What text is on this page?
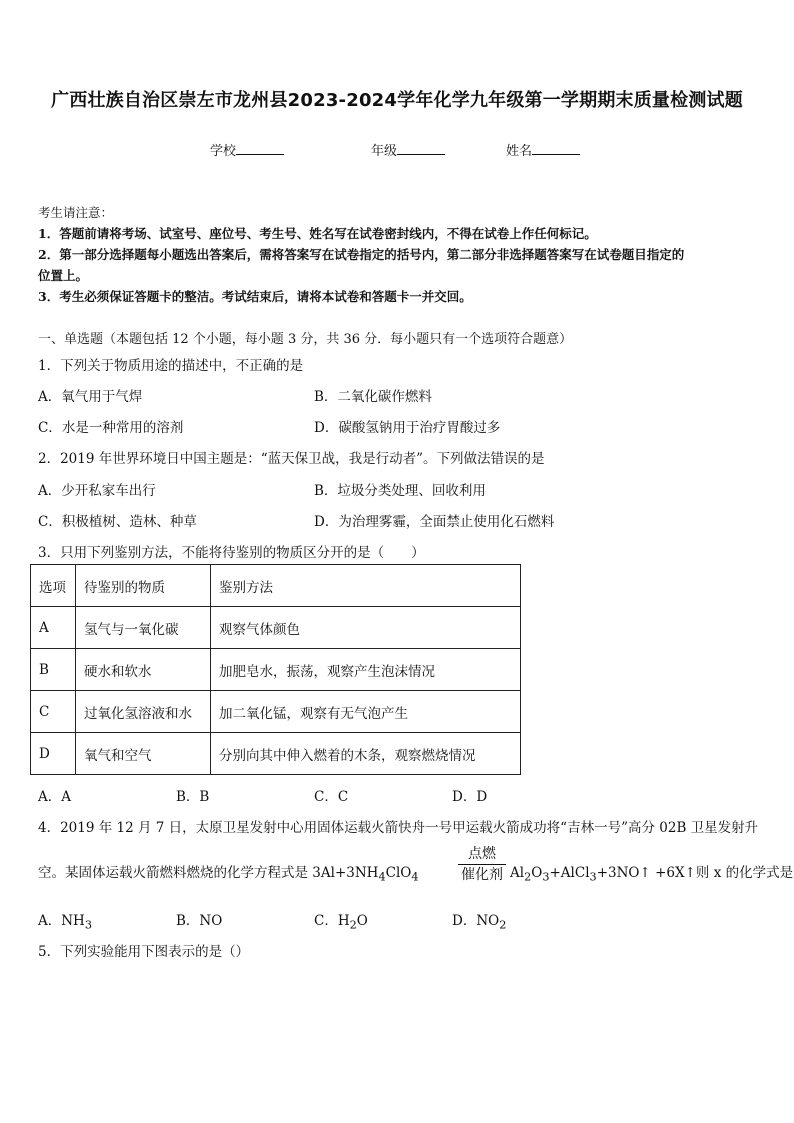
广西壮族自治区崇左市龙州县2023-2024学年化学九年级第一学期期末质量检测试题
学校	年级	姓名
考生请注意：
1．答题前请将考场、试室号、座位号、考生号、姓名写在试卷密封线内，不得在试卷上作任何标记。
2．第一部分选择题每小题选出答案后，需将答案写在试卷指定的括号内，第二部分非选择题答案写在试卷题目指定的
位置上。
3．考生必须保证答题卡的整洁。考试结束后，请将本试卷和答题卡一并交回。
一、单选题（本题包括 12 个小题，每小题 3 分，共 36 分．每小题只有一个选项符合题意）
1．下列关于物质用途的描述中，不正确的是
A．氧气用于气焊	B．二氧化碳作燃料
C．水是一种常用的溶剂	D．碳酸氢钠用于治疗胃酸过多
2．2019 年世界环境日中国主题是：“蓝天保卫战，我是行动者”。下列做法错误的是
A．少开私家车出行	B．垃圾分类处理、回收利用
C．积极植树、造林、种草	D．为治理雾霾，全面禁止使用化石燃料
3．只用下列鉴别方法，不能将待鉴别的物质区分开的是（　　）
选项	待鉴别的物质	鉴别方法
A	氢气与一氧化碳	观察气体颜色
B	硬水和软水	加肥皂水，振荡，观察产生泡沫情况
C	过氧化氢溶液和水	加二氧化锰，观察有无气泡产生
D	氧气和空气	分别向其中伸入燃着的木条，观察燃烧情况
A．A	B．B	C．C	D．D
4．2019 年 12 月 7 日，太原卫星发射中心用固体运载火箭快舟一号甲运载火箭成功将“吉林一号”高分 02B 卫星发射升
空。某固体运载火箭燃料燃烧的化学方程式是 $3Al+3NH_4ClO_4$
点燃
催化剂 $Al_2O_3+AlCl_3+3NO↑$ +6X↑则 x 的化学式是
A．$NH_3$	B．NO	C．$H_2O$	D．$NO_2$
5．下列实验能用下图表示的是（）
